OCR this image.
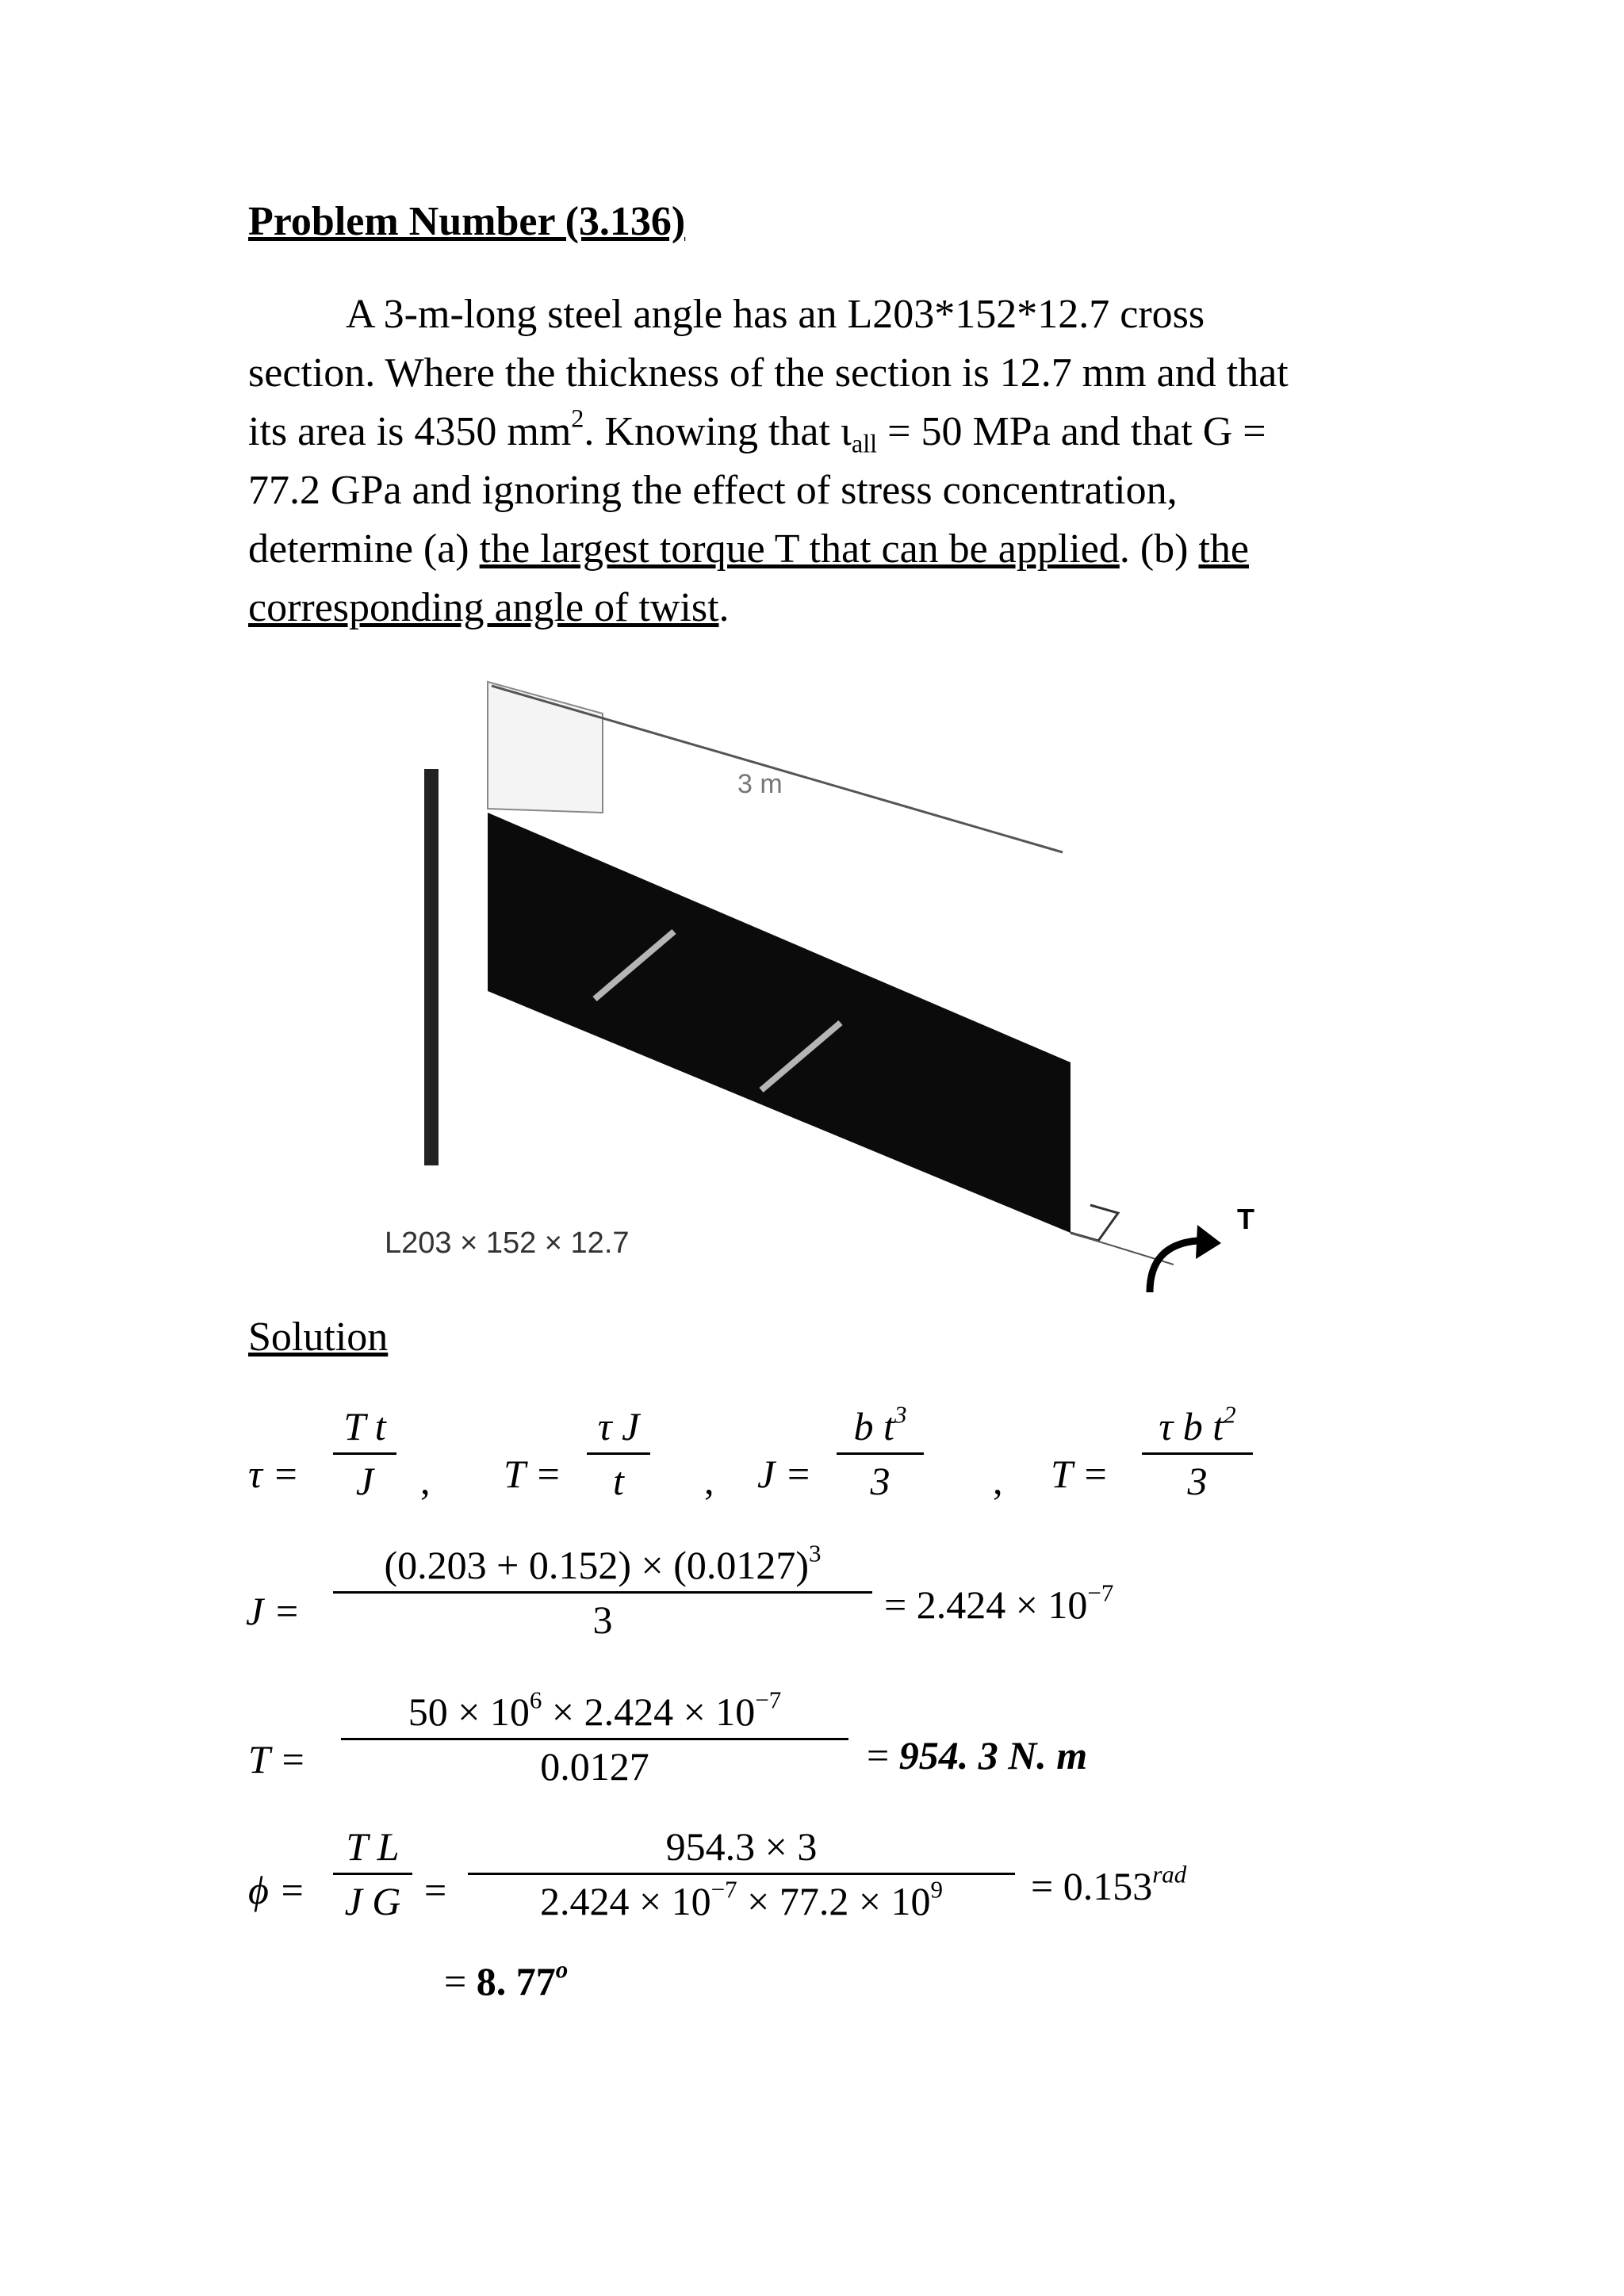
Problem Number (3.136)

A 3-m-long steel angle has an L203*152*12.7 cross

section. Where the thickness of the section is 12.7 mm and that

its area is 4350 $mm^2$. Knowing that $\iota_{all} = 50$ MPa and that G =

77.2 GPa and ignoring the effect of stress concentration,

determine (a) the largest torque T that can be applied. (b) the

corresponding angle of twist.

3 m
T
L203 × 152 × 12.7
Solution
τ =
T t
J	, T =
τ J
t	, J =
b $t^3$
3	, T =
τ b $t^2$
3
J =
$(0.203 + 0.152) \times (0.0127)^3$
3	= $2.424 \times 10^{-7}$
T =
$50 \times 10^6 \times 2.424 \times 10^{-7}$
0.0127	= 954. 3 N. m
ϕ =
T L
J G =
954.3 × 3
$2.424 \times 10^{-7} \times 77.2 \times 10^9$	= $0.153^{rad}$
= 8. 77$^o$
